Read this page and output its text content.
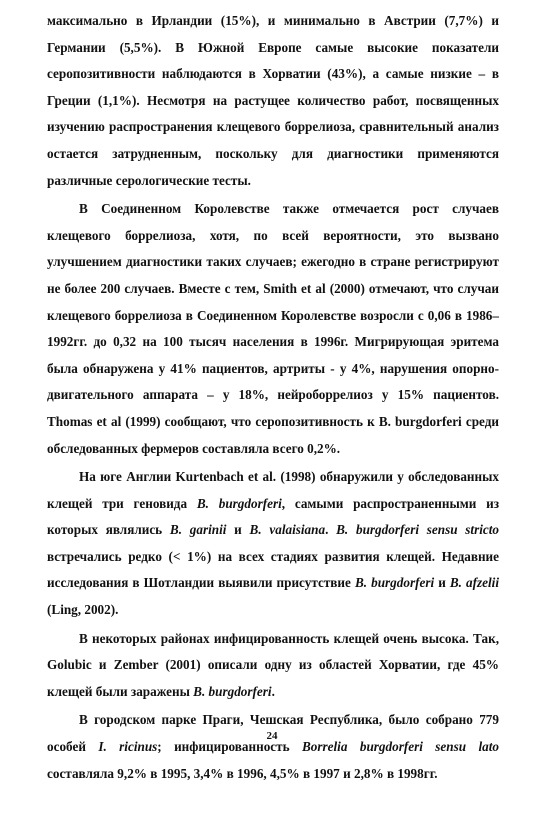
максимально в Ирландии (15%), и минимально в Австрии (7,7%) и Германии (5,5%). В Южной Европе самые высокие показатели серопозитивности наблюдаются в Хорватии (43%), а самые низкие – в Греции (1,1%). Несмотря на растущее количество работ, посвященных изучению распространения клещевого боррелиоза, сравнительный анализ остается затрудненным, поскольку для диагностики применяются различные серологические тесты.

В Соединенном Королевстве также отмечается рост случаев клещевого боррелиоза, хотя, по всей вероятности, это вызвано улучшением диагностики таких случаев; ежегодно в стране регистрируют не более 200 случаев. Вместе с тем, Smith et al (2000) отмечают, что случаи клещевого боррелиоза в Соединенном Королевстве возросли с 0,06 в 1986–1992гг. до 0,32 на 100 тысяч населения в 1996г. Мигрирующая эритема была обнаружена у 41% пациентов, артриты - у 4%, нарушения опорно-двигательного аппарата – у 18%, нейроборрелиоз у 15% пациентов. Thomas et al (1999) сообщают, что серопозитивность к B. burgdorferi среди обследованных фермеров составляла всего 0,2%.

На юге Англии Kurtenbach et al. (1998) обнаружили у обследованных клещей три геновида B. burgdorferi, самыми распространенными из которых являлись B. garinii и B. valaisiana. B. burgdorferi sensu stricto встречались редко (< 1%) на всех стадиях развития клещей. Недавние исследования в Шотландии выявили присутствие B. burgdorferi и B. afzelii (Ling, 2002).

В некоторых районах инфицированность клещей очень высока. Так, Golubic и Zember (2001) описали одну из областей Хорватии, где 45% клещей были заражены B. burgdorferi.

В городском парке Праги, Чешская Республика, было собрано 779 особей I. ricinus; инфицированность Borrelia burgdorferi sensu lato составляла 9,2% в 1995, 3,4% в 1996, 4,5% в 1997 и 2,8% в 1998гг.

24
